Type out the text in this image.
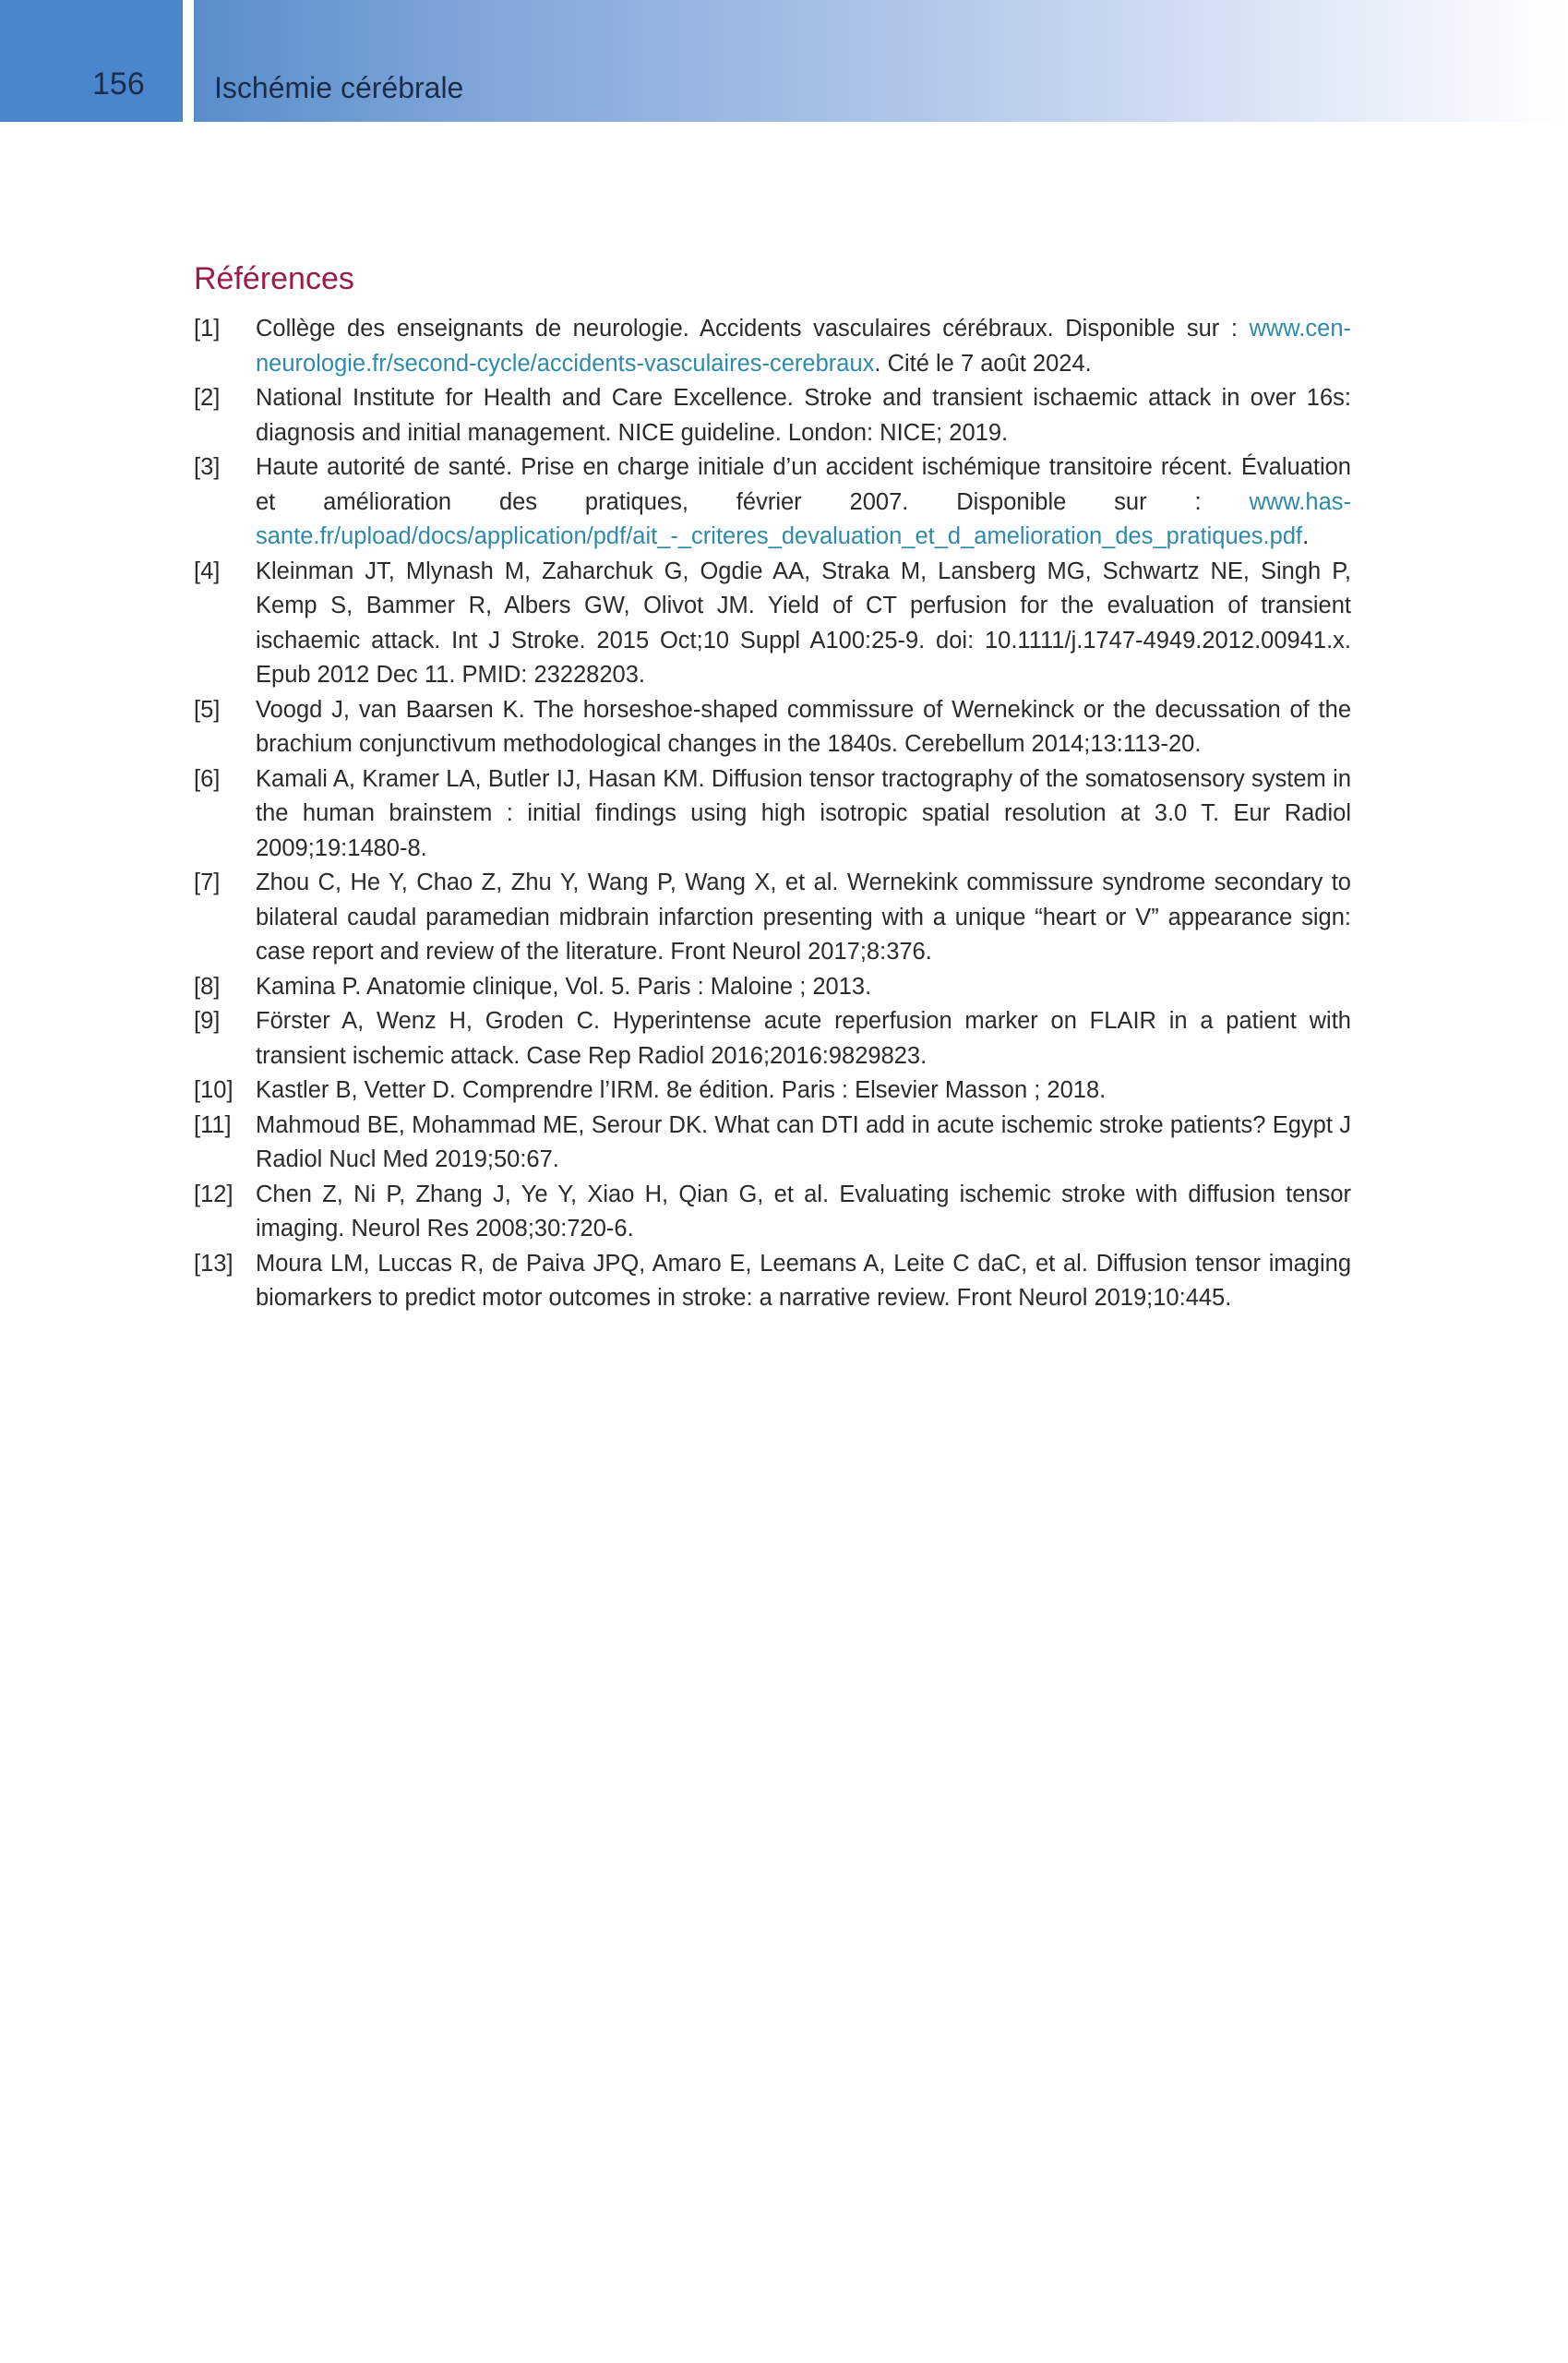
156 Ischémie cérébrale
Références
[1] Collège des enseignants de neurologie. Accidents vasculaires cérébraux. Disponible sur : www.cen-neurologie.fr/second-cycle/accidents-vasculaires-cerebraux. Cité le 7 août 2024.
[2] National Institute for Health and Care Excellence. Stroke and transient ischaemic attack in over 16s: diagnosis and initial management. NICE guideline. London: NICE; 2019.
[3] Haute autorité de santé. Prise en charge initiale d’un accident ischémique transitoire récent. Évaluation et amélioration des pratiques, février 2007. Disponible sur : www.has-sante.fr/upload/docs/application/pdf/ait_-_criteres_devaluation_et_d_amelioration_des_pratiques.pdf.
[4] Kleinman JT, Mlynash M, Zaharchuk G, Ogdie AA, Straka M, Lansberg MG, Schwartz NE, Singh P, Kemp S, Bammer R, Albers GW, Olivot JM. Yield of CT perfusion for the evaluation of transient ischaemic attack. Int J Stroke. 2015 Oct;10 Suppl A100:25-9. doi: 10.1111/j.1747-4949.2012.00941.x. Epub 2012 Dec 11. PMID: 23228203.
[5] Voogd J, van Baarsen K. The horseshoe-shaped commissure of Wernekinck or the decussation of the brachium conjunctivum methodological changes in the 1840s. Cerebellum 2014;13:113-20.
[6] Kamali A, Kramer LA, Butler IJ, Hasan KM. Diffusion tensor tractography of the somatosensory system in the human brainstem : initial findings using high isotropic spatial resolution at 3.0 T. Eur Radiol 2009;19:1480-8.
[7] Zhou C, He Y, Chao Z, Zhu Y, Wang P, Wang X, et al. Wernekink commissure syndrome secondary to bilateral caudal paramedian midbrain infarction presenting with a unique “heart or V” appearance sign: case report and review of the literature. Front Neurol 2017;8:376.
[8] Kamina P. Anatomie clinique, Vol. 5. Paris : Maloine ; 2013.
[9] Förster A, Wenz H, Groden C. Hyperintense acute reperfusion marker on FLAIR in a patient with transient ischemic attack. Case Rep Radiol 2016;2016:9829823.
[10] Kastler B, Vetter D. Comprendre l’IRM. 8e édition. Paris : Elsevier Masson ; 2018.
[11] Mahmoud BE, Mohammad ME, Serour DK. What can DTI add in acute ischemic stroke patients? Egypt J Radiol Nucl Med 2019;50:67.
[12] Chen Z, Ni P, Zhang J, Ye Y, Xiao H, Qian G, et al. Evaluating ischemic stroke with diffusion tensor imaging. Neurol Res 2008;30:720-6.
[13] Moura LM, Luccas R, de Paiva JPQ, Amaro E, Leemans A, Leite C daC, et al. Diffusion tensor imaging biomarkers to predict motor outcomes in stroke: a narrative review. Front Neurol 2019;10:445.
